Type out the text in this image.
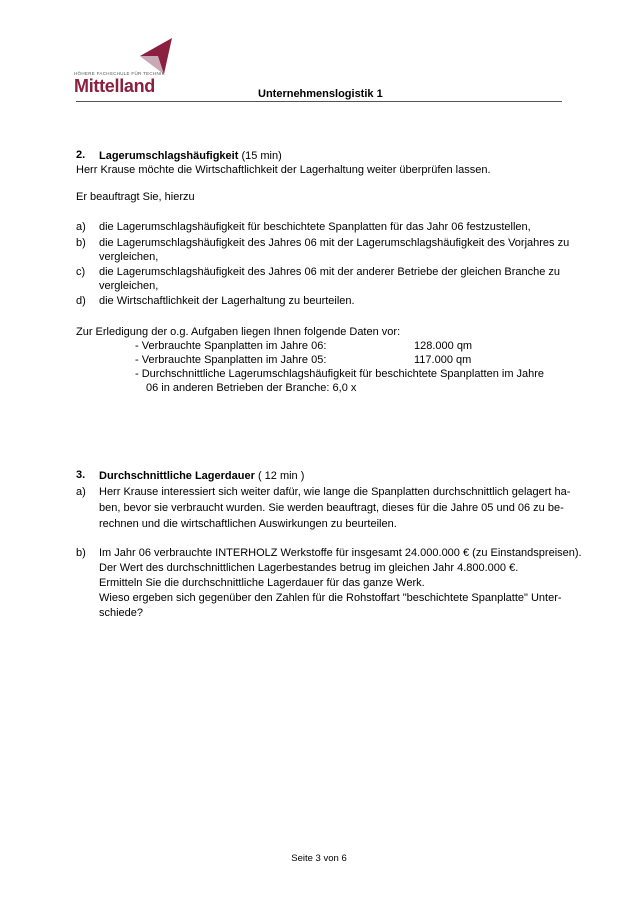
HÖHERE FACHSCHULE FÜR TECHNIK
Mittelland	Unternehmenslogistik 1
2. Lagerumschlagshäufigkeit (15 min)
Herr Krause möchte die Wirtschaftlichkeit der Lagerhaltung weiter überprüfen lassen.
Er beauftragt Sie, hierzu
a) die Lagerumschlagshäufigkeit für beschichtete Spanplatten für das Jahr 06 festzustellen,
b) die Lagerumschlagshäufigkeit des Jahres 06 mit der Lagerumschlagshäufigkeit des Vorjahres zu
vergleichen,
c) die Lagerumschlagshäufigkeit des Jahres 06 mit der anderer Betriebe der gleichen Branche zu
vergleichen,
d) die Wirtschaftlichkeit der Lagerhaltung zu beurteilen.
Zur Erledigung der o.g. Aufgaben liegen Ihnen folgende Daten vor:
- Verbrauchte Spanplatten im Jahre 06:	128.000 qm
- Verbrauchte Spanplatten im Jahre 05:	117.000 qm
- Durchschnittliche Lagerumschlagshäufigkeit für beschichtete Spanplatten im Jahre
06 in anderen Betrieben der Branche: 6,0 x
3. Durchschnittliche Lagerdauer ( 12 min )
a) Herr Krause interessiert sich weiter dafür, wie lange die Spanplatten durchschnittlich gelagert ha-
ben, bevor sie verbraucht wurden. Sie werden beauftragt, dieses für die Jahre 05 und 06 zu be-
rechnen und die wirtschaftlichen Auswirkungen zu beurteilen.
b) Im Jahr 06 verbrauchte INTERHOLZ Werkstoffe für insgesamt 24.000.000 € (zu Einstandspreisen).
Der Wert des durchschnittlichen Lagerbestandes betrug im gleichen Jahr 4.800.000 €.
Ermitteln Sie die durchschnittliche Lagerdauer für das ganze Werk.
Wieso ergeben sich gegenüber den Zahlen für die Rohstoffart "beschichtete Spanplatte" Unter-
schiede?
Seite 3 von 6
